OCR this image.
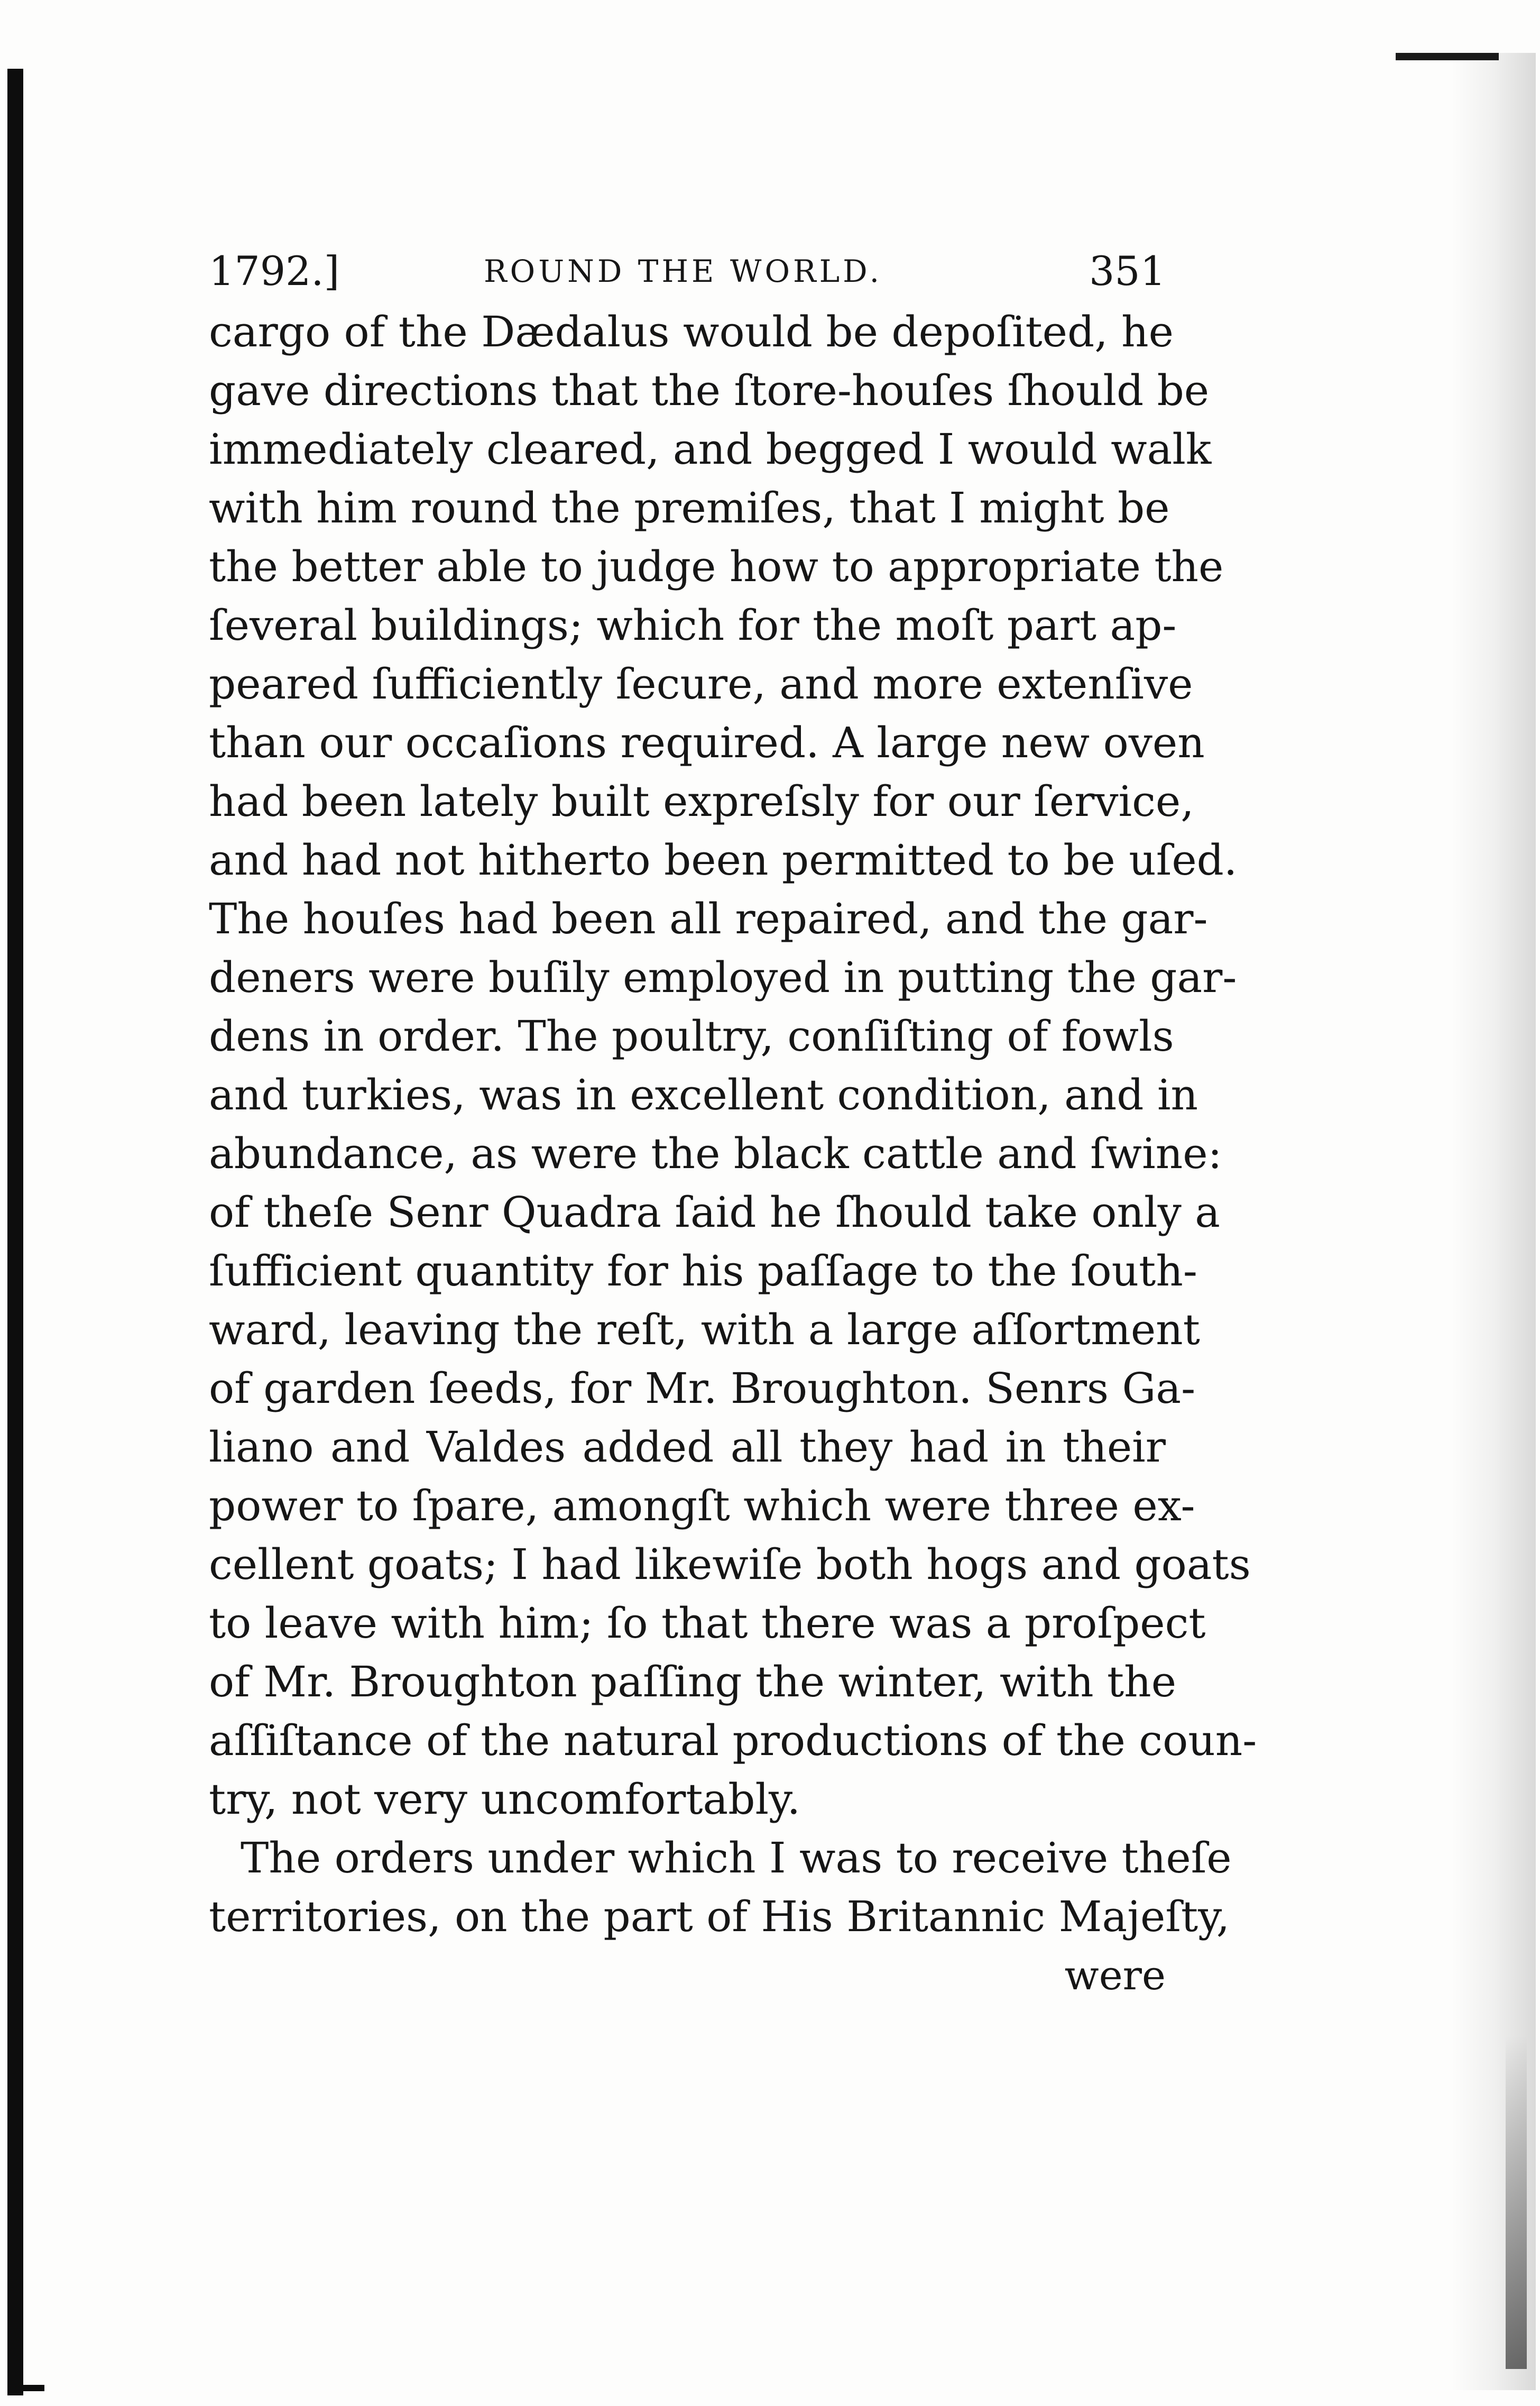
1792.]	ROUND THE WORLD.	351
cargo of the Dædalus would be depoſited, he
gave directions that the ſtore-houſes ſhould be
immediately cleared, and begged I would walk
with him round the premiſes, that I might be
the better able to judge how to appropriate the
ſeveral buildings; which for the moſt part ap-
peared ſufficiently ſecure, and more extenſive
than our occaſions required. A large new oven
had been lately built expreſsly for our ſervice,
and had not hitherto been permitted to be uſed.
The houſes had been all repaired, and the gar-
deners were buſily employed in putting the gar-
dens in order. The poultry, conſiſting of fowls
and turkies, was in excellent condition, and in
abundance, as were the black cattle and ſwine:
of theſe Senr Quadra ſaid he ſhould take only a
ſufficient quantity for his paſſage to the ſouth-
ward, leaving the reſt, with a large aſſortment
of garden ſeeds, for Mr. Broughton. Senrs Ga-
liano and Valdes added all they had in their
power to ſpare, amongſt which were three ex-
cellent goats; I had likewiſe both hogs and goats
to leave with him; ſo that there was a proſpect
of Mr. Broughton paſſing the winter, with the
aſſiſtance of the natural productions of the coun-
try, not very uncomfortably.
The orders under which I was to receive theſe
territories, on the part of His Britannic Majeſty,
were
